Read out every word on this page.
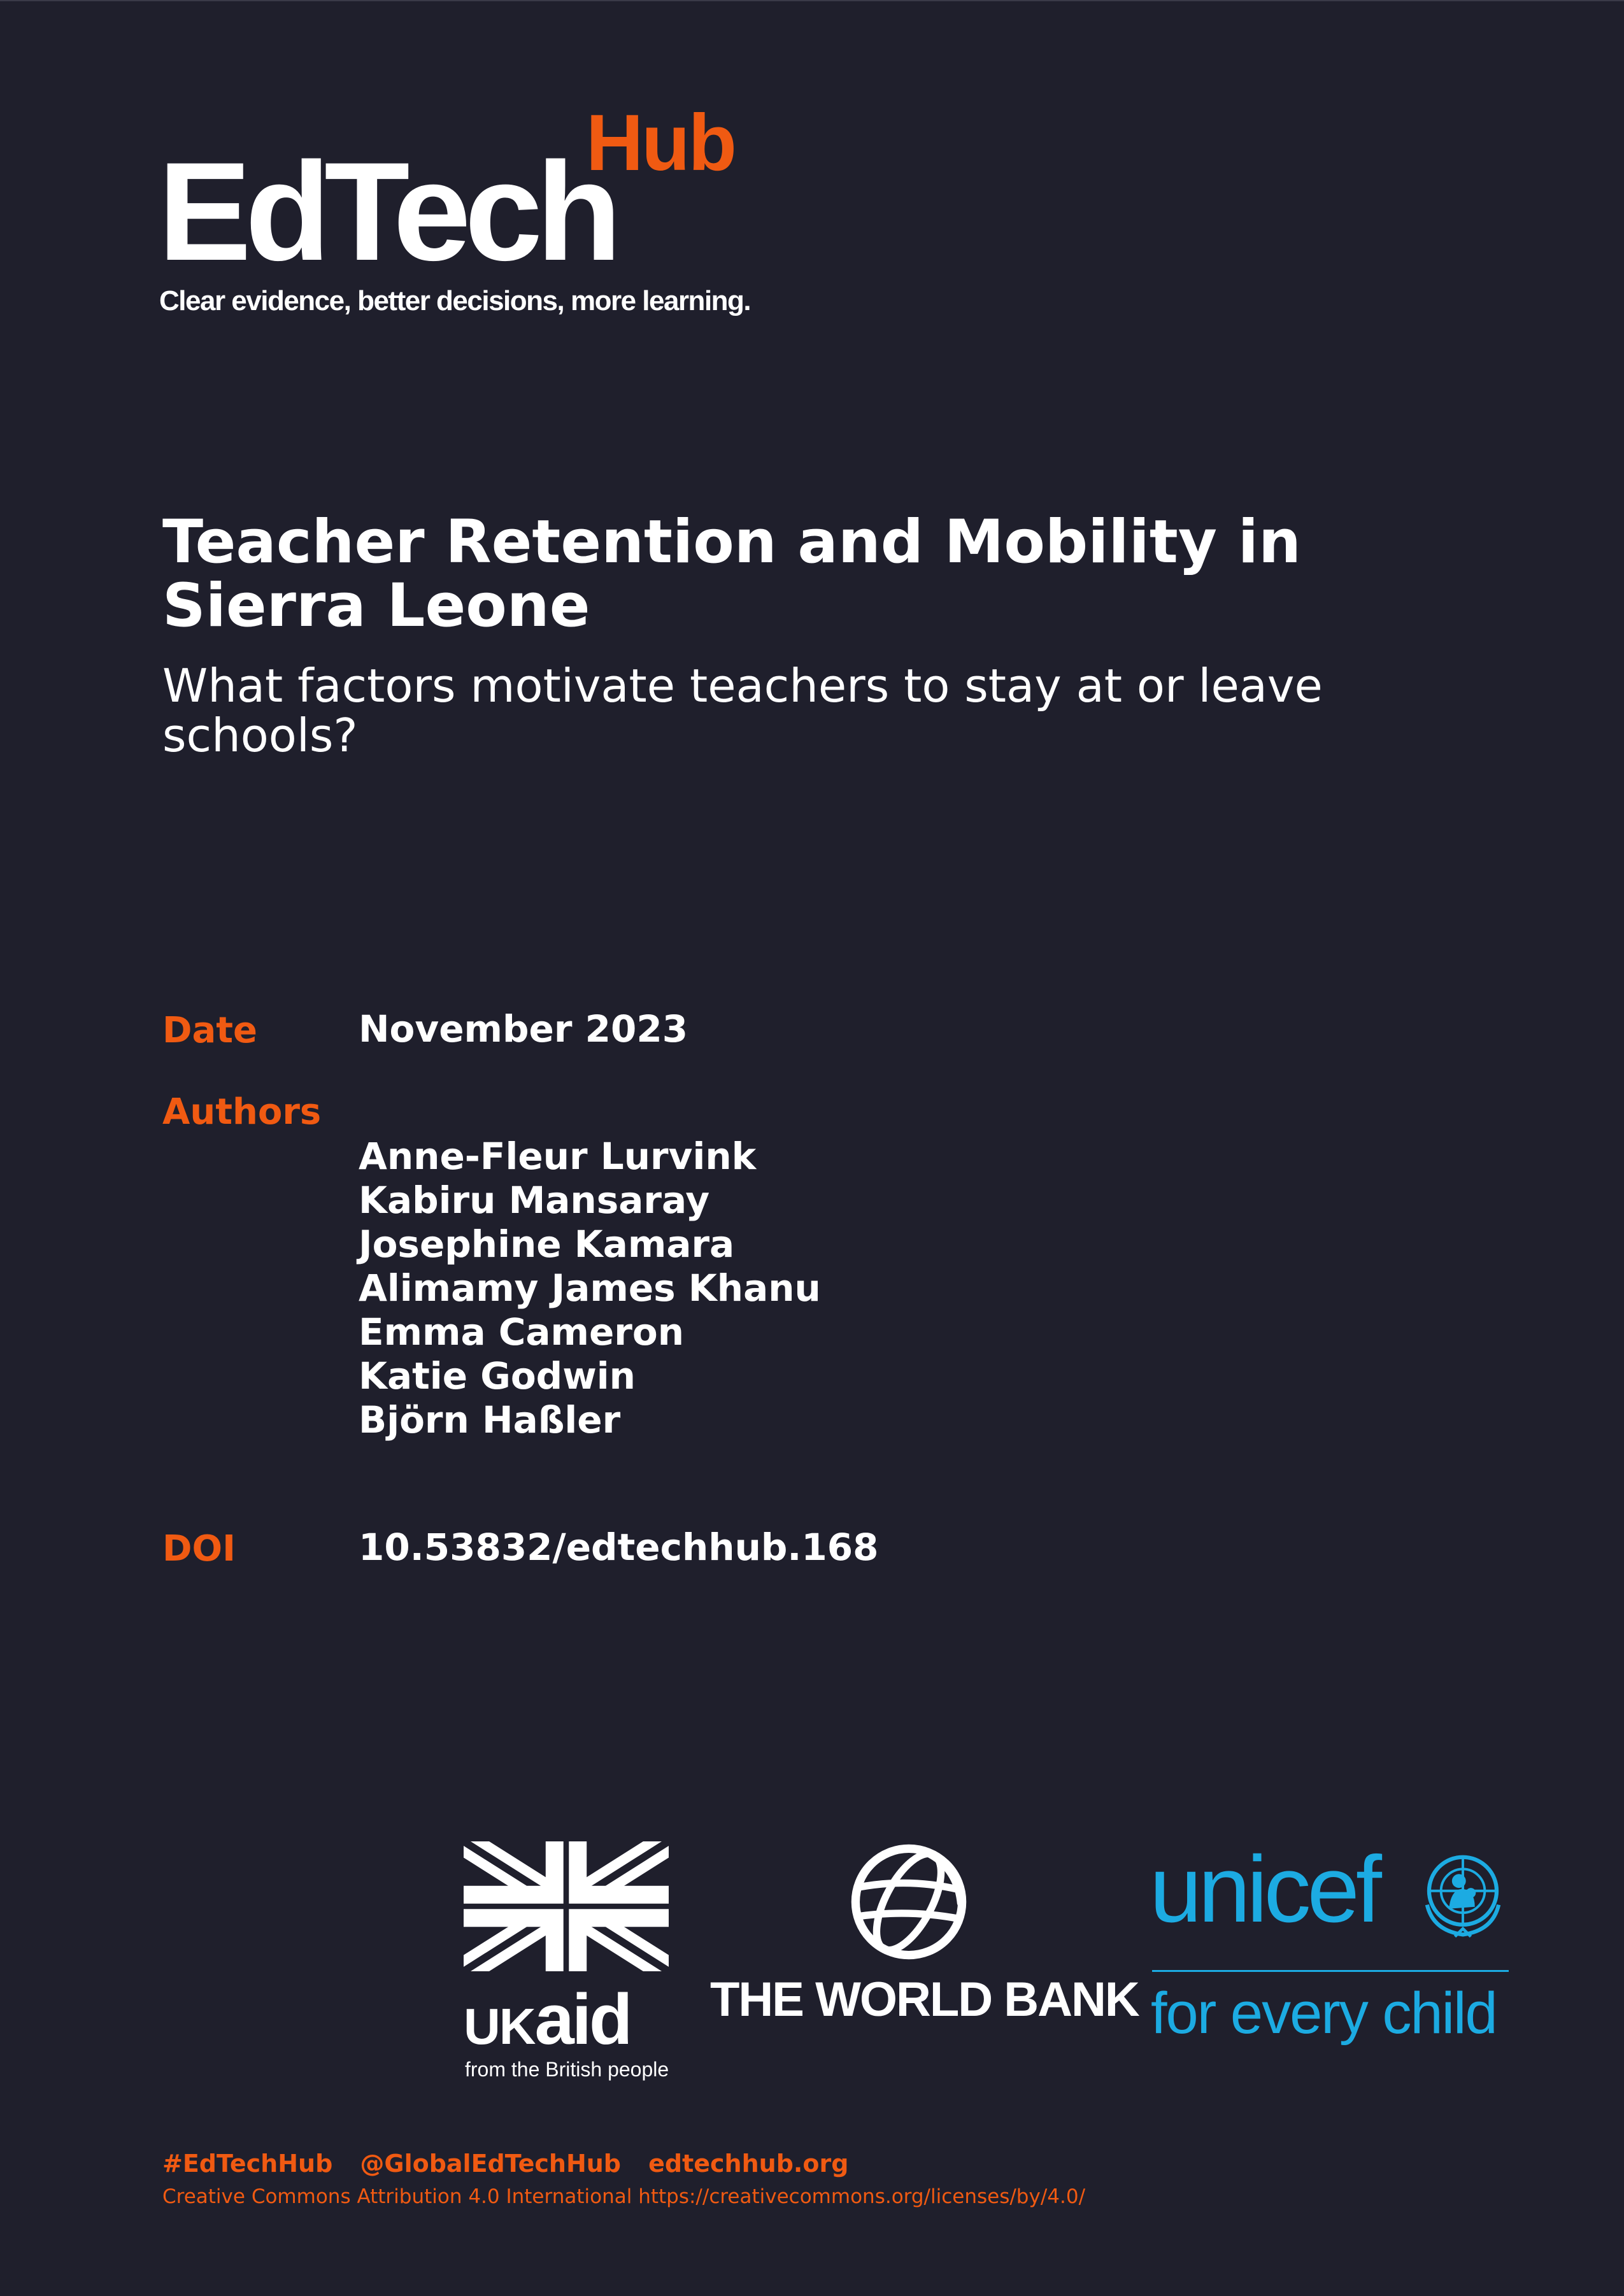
EdTech
Hub
Clear evidence, better decisions, more learning.
Teacher Retention and Mobility in Sierra Leone
What factors motivate teachers to stay at or leave schools?
Date	November 2023
Authors
Anne-Fleur Lurvink
Kabiru Mansaray
Josephine Kamara
Alimamy James Khanu
Emma Cameron
Katie Godwin
Björn Haßler
DOI	10.53832/edtechhub.168
UKaid
from the British people
THE WORLD BANK
unicef
for every child
#EdTechHub @GlobalEdTechHub edtechhub.org
Creative Commons Attribution 4.0 International https://creativecommons.org/licenses/by/4.0/
